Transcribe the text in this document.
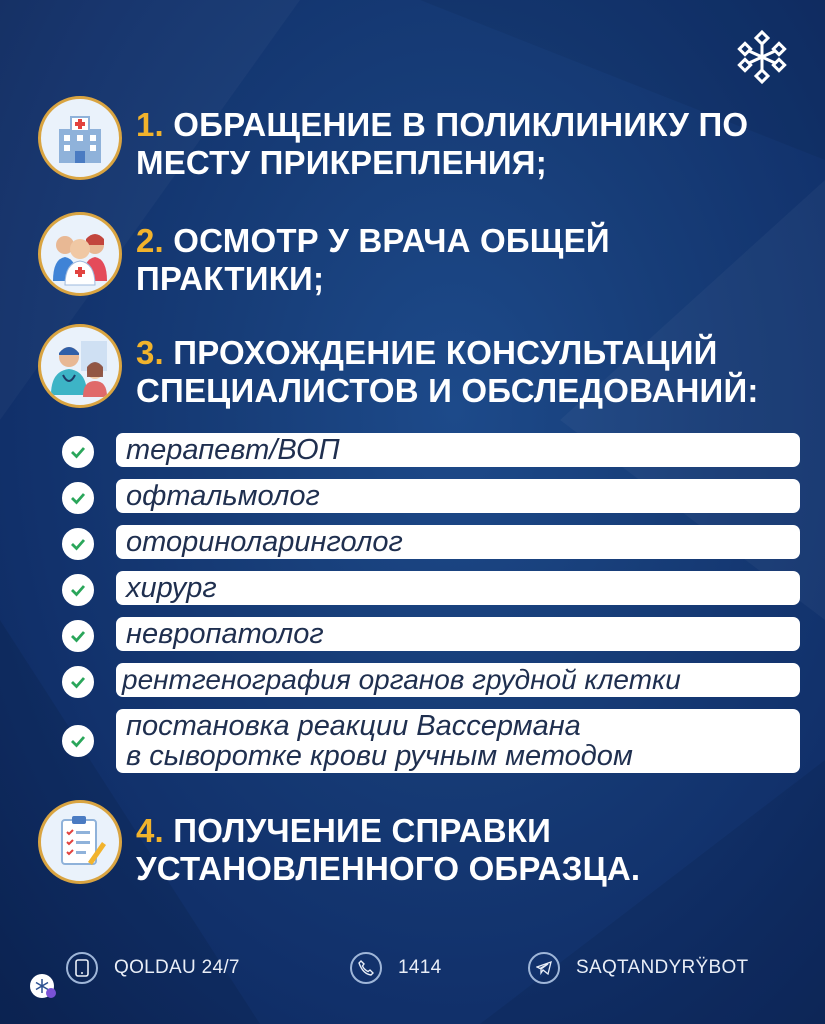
1. ОБРАЩЕНИЕ В ПОЛИКЛИНИКУ ПО
МЕСТУ ПРИКРЕПЛЕНИЯ;
2. ОСМОТР У ВРАЧА ОБЩЕЙ
ПРАКТИКИ;
3. ПРОХОЖДЕНИЕ КОНСУЛЬТАЦИЙ
СПЕЦИАЛИСТОВ И ОБСЛЕДОВАНИЙ:
терапевт/ВОП
офтальмолог
оториноларинголог
хирург
невропатолог
рентгенография органов грудной клетки
постановка реакции Вассермана
в сыворотке крови ручным методом
4. ПОЛУЧЕНИЕ СПРАВКИ
УСТАНОВЛЕННОГО ОБРАЗЦА.
QOLDAU 24/7	1414	SAQTANDYRŸBOT
